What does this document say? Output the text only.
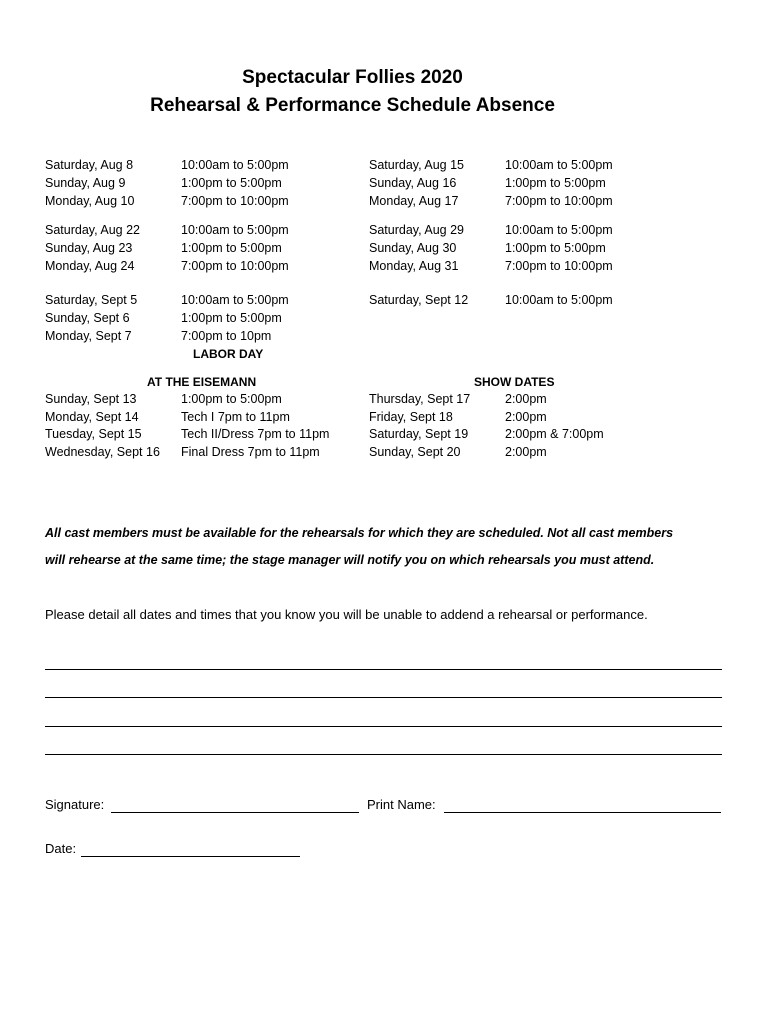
Spectacular Follies 2020
Rehearsal & Performance Schedule Absence
Saturday, Aug 8	10:00am to 5:00pm
Sunday, Aug 9	1:00pm to 5:00pm
Monday, Aug 10	7:00pm to 10:00pm
Saturday, Aug 15	10:00am to 5:00pm
Sunday, Aug 16	1:00pm to 5:00pm
Monday, Aug 17	7:00pm to 10:00pm
Saturday, Aug 22	10:00am to 5:00pm
Sunday, Aug 23	1:00pm to 5:00pm
Monday, Aug 24	7:00pm to 10:00pm
Saturday, Aug 29	10:00am to 5:00pm
Sunday, Aug 30	1:00pm to 5:00pm
Monday, Aug 31	7:00pm to 10:00pm
Saturday, Sept 5	10:00am to 5:00pm
Sunday, Sept 6	1:00pm to 5:00pm
Monday, Sept 7	7:00pm to 10pm
LABOR DAY
Saturday, Sept 12	10:00am to 5:00pm
AT THE EISEMANN
Sunday, Sept 13	1:00pm to 5:00pm
Monday, Sept 14	Tech I 7pm to 11pm
Tuesday, Sept 15	Tech II/Dress 7pm to 11pm
Wednesday, Sept 16 Final Dress 7pm to 11pm
SHOW DATES
Thursday, Sept 17	2:00pm
Friday, Sept 18	2:00pm
Saturday, Sept 19	2:00pm & 7:00pm
Sunday, Sept 20	2:00pm
All cast members must be available for the rehearsals for which they are scheduled. Not all cast members
will rehearse at the same time; the stage manager will notify you on which rehearsals you must attend.
Please detail all dates and times that you know you will be unable to addend a rehearsal or performance.
Signature:	Print Name:
Date:
